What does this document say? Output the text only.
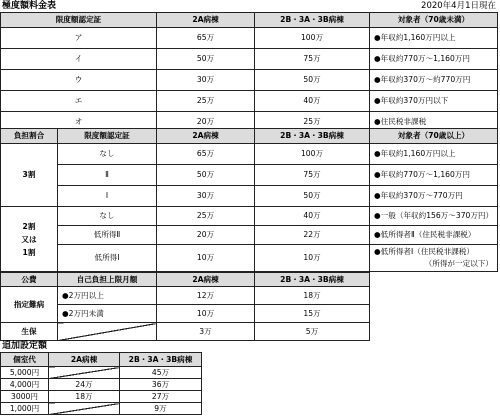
極度額料金表	2020年4月1日現在
限度額認定証	2A病棟	2B・3A・3B病棟	対象者（70歳未満）
ア	65万	100万	●年収約1,160万円以上
イ	50万	75万	●年収約770万～1,160万円
ウ	30万	50万	●年収約370万～約770万円
エ	25万	40万	●年収約370万円以下
オ	20万	25万	●住民税非課税
負担割合	限度額認定証	2A病棟	2B・3A・3B病棟	対象者（70歳以上）
3割	なし	65万	100万	●年収約1,160万円以上
	Ⅱ	50万	75万	●年収約770万～1,160万円
	Ⅰ	30万	50万	●年収約370万～770万円

2割
又は
1割	なし	25万	40万	●一般（年収約156万～370万円）
	低所得Ⅱ	20万	22万	●低所得者Ⅱ（住民税非課税）
	低所得Ⅰ	10万	10万	●低所得者Ⅰ（住民税非課税）
（所得が一定以下）
公費	自己負担上限月額	2A病棟	2B・3A・3B病棟
指定難病	●2万円以上	12万	18万
	●2万円未満	10万	15万
生保		3万	5万
追加設定額
個室代	2A病棟	2B・3A・3B病棟
5,000円		45万
4,000円	24万	36万
3000円	18万	27万
1,000円		9万
